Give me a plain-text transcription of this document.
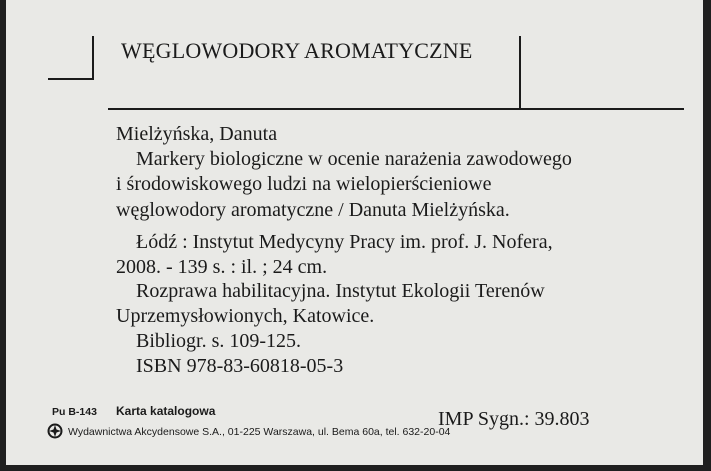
WĘGLOWODORY AROMATYCZNE
Mielżyńska, Danuta
Markery biologiczne w ocenie narażenia zawodowego
i środowiskowego ludzi na wielopierścieniowe
węglowodory aromatyczne / Danuta Mielżyńska.
Łódź : Instytut Medycyny Pracy im. prof. J. Nofera,
2008. - 139 s. : il. ; 24 cm.
Rozprawa habilitacyjna. Instytut Ekologii Terenów
Uprzemysłowionych, Katowice.
Bibliogr. s. 109-125.
ISBN 978-83-60818-05-3
Pu B-143 Karta katalogowa
Wydawnictwa Akcydensowe S.A., 01-225 Warszawa, ul. Bema 60a, tel. 632-20-04
IMP Sygn.: 39.803
